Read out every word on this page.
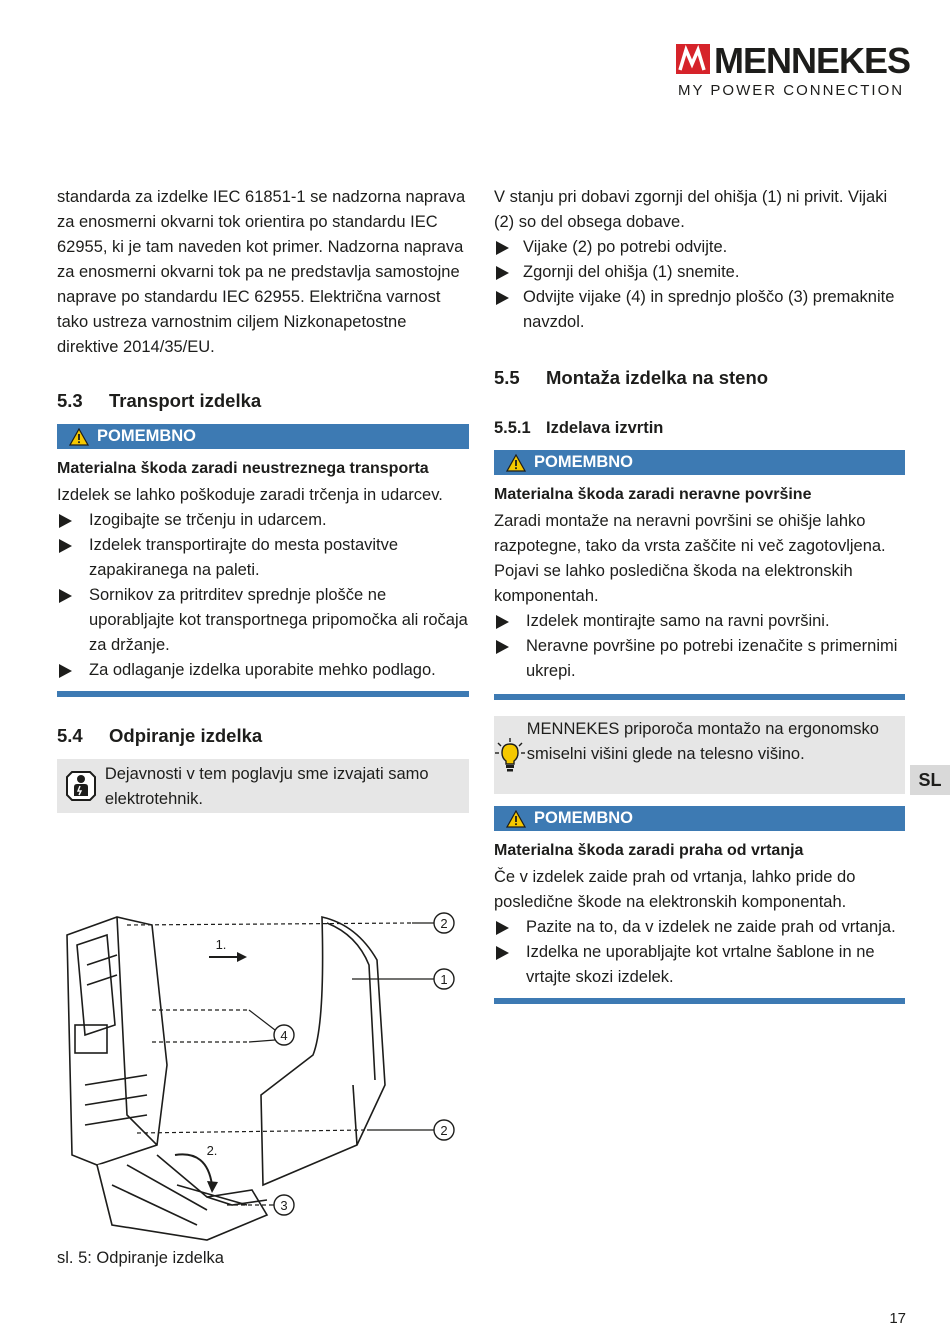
MENNEKES
MY POWER CONNECTION

standarda za izdelke IEC 61851-1 se nadzorna naprava za enosmerni okvarni tok orientira po standardu IEC 62955, ki je tam naveden kot primer. Nadzorna naprava za enosmerni okvarni tok pa ne predstavlja samostojne naprave po standardu IEC 62955. Električna varnost tako ustreza varnostnim ciljem Nizkonapetostne direktive 2014/35/EU.

5.3 Transport izdelka
POMEMBNO

Materialna škoda zaradi neustreznega transporta

Izdelek se lahko poškoduje zaradi trčenja in udarcev.

Izogibajte se trčenju in udarcem.
Izdelek transportirajte do mesta postavitve zapakiranega na paleti.
Sornikov za pritrditev sprednje plošče ne uporabljajte kot transportnega pripomočka ali ročaja za držanje.
Za odlaganje izdelka uporabite mehko podlago.
5.4 Odpiranje izdelka

Dejavnosti v tem poglavju sme izvajati samo elektrotehnik.

2
1
4
2
3
1.
2.

sl. 5: Odpiranje izdelka

V stanju pri dobavi zgornji del ohišja (1) ni privit. Vijaki (2) so del obsega dobave.

Vijake (2) po potrebi odvijte.
Zgornji del ohišja (1) snemite.
Odvijte vijake (4) in sprednjo ploščo (3) premaknite navzdol.
5.5 Montaža izdelka na steno
5.5.1 Izdelava izvrtin
POMEMBNO

Materialna škoda zaradi neravne površine

Zaradi montaže na neravni površini se ohišje lahko razpotegne, tako da vrsta zaščite ni več zagotovljena. Pojavi se lahko posledična škoda na elektronskih komponentah.

Izdelek montirajte samo na ravni površini.
Neravne površine po potrebi izenačite s primernimi ukrepi.

MENNEKES priporoča montažo na ergonomsko smiselni višini glede na telesno višino.

POMEMBNO

Materialna škoda zaradi praha od vrtanja

Če v izdelek zaide prah od vrtanja, lahko pride do posledične škode na elektronskih komponentah.

Pazite na to, da v izdelek ne zaide prah od vrtanja.
Izdelka ne uporabljajte kot vrtalne šablone in ne vrtajte skozi izdelek.
SL
17
